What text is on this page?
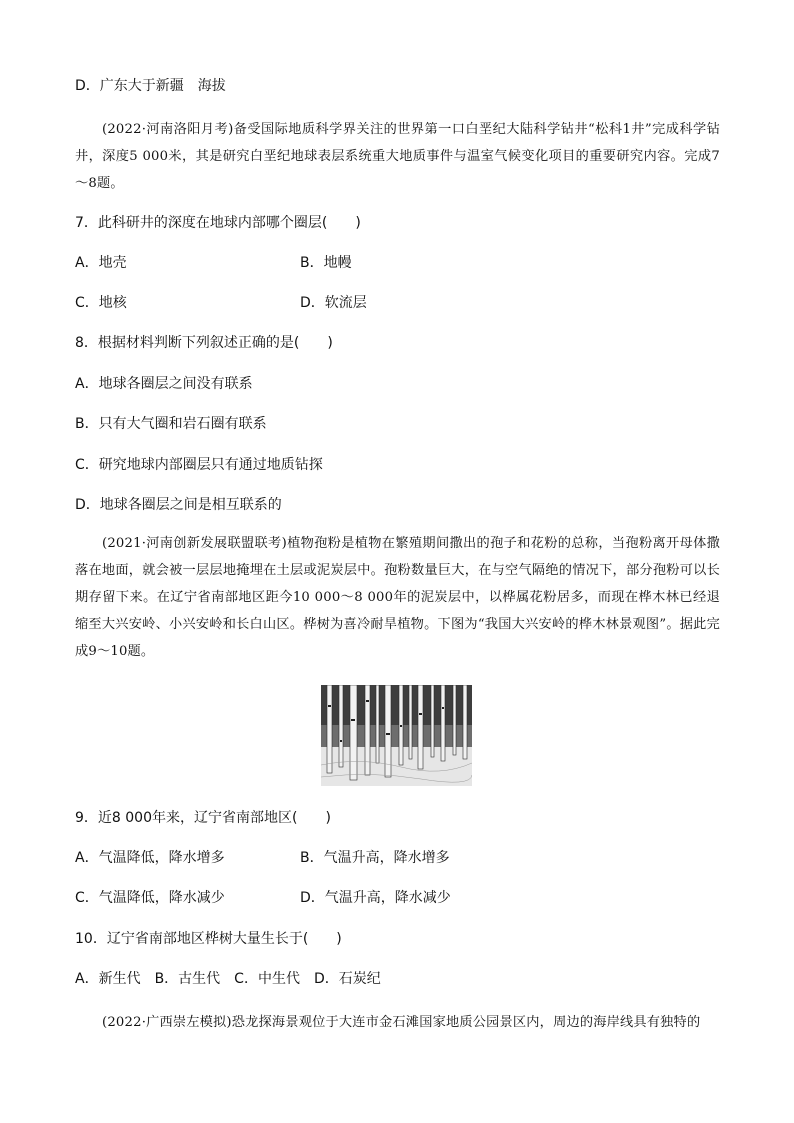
D．广东大于新疆　海拔
(2022·河南洛阳月考)备受国际地质科学界关注的世界第一口白垩纪大陆科学钻井“松科1井”完成科学钻井，深度5 000米，其是研究白垩纪地球表层系统重大地质事件与温室气候变化项目的重要研究内容。完成7～8题。
7．此科研井的深度在地球内部哪个圈层(　　)
A．地壳	B．地幔
C．地核	D．软流层
8．根据材料判断下列叙述正确的是(　　)
A．地球各圈层之间没有联系
B．只有大气圈和岩石圈有联系
C．研究地球内部圈层只有通过地质钻探
D．地球各圈层之间是相互联系的
(2021·河南创新发展联盟联考)植物孢粉是植物在繁殖期间撒出的孢子和花粉的总称，当孢粉离开母体撒落在地面，就会被一层层地掩埋在土层或泥炭层中。孢粉数量巨大，在与空气隔绝的情况下，部分孢粉可以长期存留下来。在辽宁省南部地区距今10 000～8 000年的泥炭层中，以桦属花粉居多，而现在桦木林已经退缩至大兴安岭、小兴安岭和长白山区。桦树为喜冷耐旱植物。下图为“我国大兴安岭的桦木林景观图”。据此完成9～10题。
9．近8 000年来，辽宁省南部地区(　　)
A．气温降低，降水增多	B．气温升高，降水增多
C．气温降低，降水减少	D．气温升高，降水减少
10．辽宁省南部地区桦树大量生长于(　　)
A．新生代　B．古生代　C．中生代　D．石炭纪
(2022·广西崇左模拟)恐龙探海景观位于大连市金石滩国家地质公园景区内，周边的海岸线具有独特的
